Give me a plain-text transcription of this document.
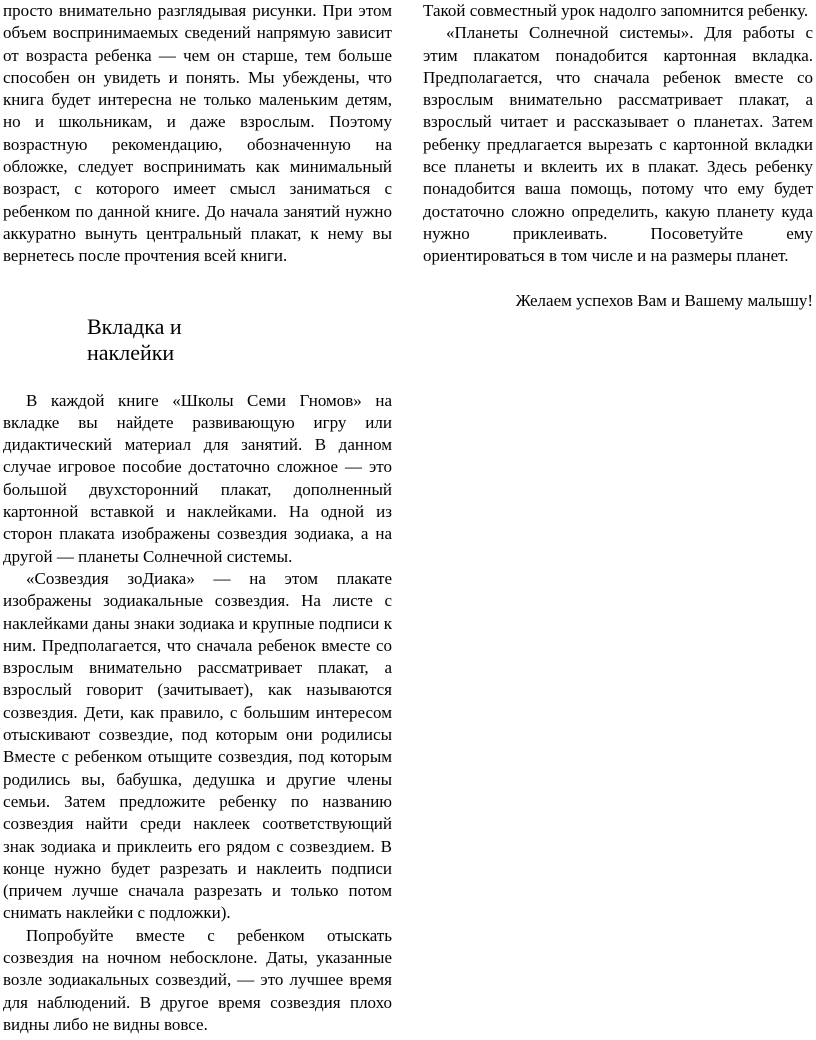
просто внимательно разглядывая рисунки. При этом объем воспринимаемых сведений напрямую зависит от возраста ребенка — чем он старше, тем больше способен он увидеть и понять. Мы убеждены, что книга будет интересна не только маленьким детям, но и школьникам, и даже взрослым. Поэтому возрастную рекомендацию, обозначенную на обложке, следует воспринимать как минимальный возраст, с которого имеет смысл заниматься с ребенком по данной книге. До начала занятий нужно аккуратно вынуть центральный плакат, к нему вы вернетесь после прочтения всей книги.

Вкладка и
наклейки

В каждой книге «Школы Семи Гномов» на вкладке вы найдете развивающую игру или дидактический материал для занятий. В данном случае игровое пособие достаточно сложное — это большой двухсторонний плакат, дополненный картонной вставкой и наклейками. На одной из сторон плаката изображены созвездия зодиака, а на другой — планеты Солнечной системы.

«Созвездия зоДиака» — на этом плакате изображены зодиакальные созвездия. На листе с наклейками даны знаки зодиака и крупные подписи к ним. Предполагается, что сначала ребенок вместе со взрослым внимательно рассматривает плакат, а взрослый говорит (зачитывает), как называются созвездия. Дети, как правило, с большим интересом отыскивают созвездие, под которым они родилисы Вместе с ребенком отыщите созвездия, под которым родились вы, бабушка, дедушка и другие члены семьи. Затем предложите ребенку по названию созвездия найти среди наклеек соответствующий знак зодиака и приклеить его рядом с созвездием. В конце нужно будет разрезать и наклеить подписи (причем лучше сначала разрезать и только потом снимать наклейки с подложки).

Попробуйте вместе с ребенком отыскать созвездия на ночном небосклоне. Даты, указанные возле зодиакальных созвездий, — это лучшее время для наблюдений. В другое время созвездия плохо видны либо не видны вовсе.

Такой совместный урок надолго запомнится ребенку.

«Планеты Солнечной системы». Для работы с этим плакатом понадобится картонная вкладка. Предполагается, что сначала ребенок вместе со взрослым внимательно рассматривает плакат, а взрослый читает и рассказывает о планетах. Затем ребенку предлагается вырезать с картонной вкладки все планеты и вклеить их в плакат. Здесь ребенку понадобится ваша помощь, потому что ему будет достаточно сложно определить, какую планету куда нужно приклеивать. Посоветуйте ему ориентироваться в том числе и на размеры планет.

Желаем успехов Вам и Вашему малышу!
